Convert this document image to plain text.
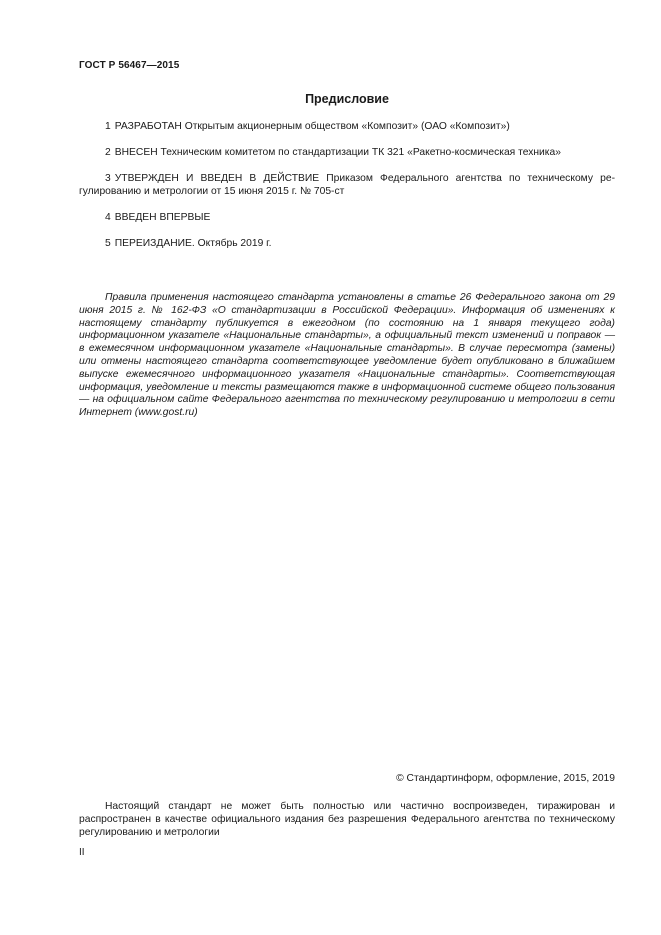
ГОСТ Р 56467—2015
Предисловие

1 РАЗРАБОТАН Открытым акционерным обществом «Композит» (ОАО «Композит»)

2 ВНЕСЕН Техническим комитетом по стандартизации ТК 321 «Ракетно-космическая техника»

3 УТВЕРЖДЕН И ВВЕДЕН В ДЕЙСТВИЕ Приказом Федерального агентства по техническому ре-гулированию и метрологии от 15 июня 2015 г. № 705-ст

4 ВВЕДЕН ВПЕРВЫЕ

5 ПЕРЕИЗДАНИЕ. Октябрь 2019 г.

Правила применения настоящего стандарта установлены в статье 26 Федерального закона от 29 июня 2015 г. № 162-ФЗ «О стандартизации в Российской Федерации». Информация об изменениях к настоящему стандарту публикуется в ежегодном (по состоянию на 1 января текущего года) информационном указателе «Национальные стандарты», а официальный текст изменений и поправок — в ежемесячном информационном указателе «Национальные стандарты». В случае пересмотра (замены) или отмены настоящего стандарта соответствующее уведомление будет опубликовано в ближайшем выпуске ежемесячного информационного указателя «Национальные стандарты». Соответствующая информация, уведомление и тексты размещаются также в информационной системе общего пользования — на официальном сайте Федерального агентства по техническому регулированию и метрологии в сети Интернет (www.gost.ru)

© Стандартинформ, оформление, 2015, 2019

Настоящий стандарт не может быть полностью или частично воспроизведен, тиражирован и распространен в качестве официального издания без разрешения Федерального агентства по техническому регулированию и метрологии

II
